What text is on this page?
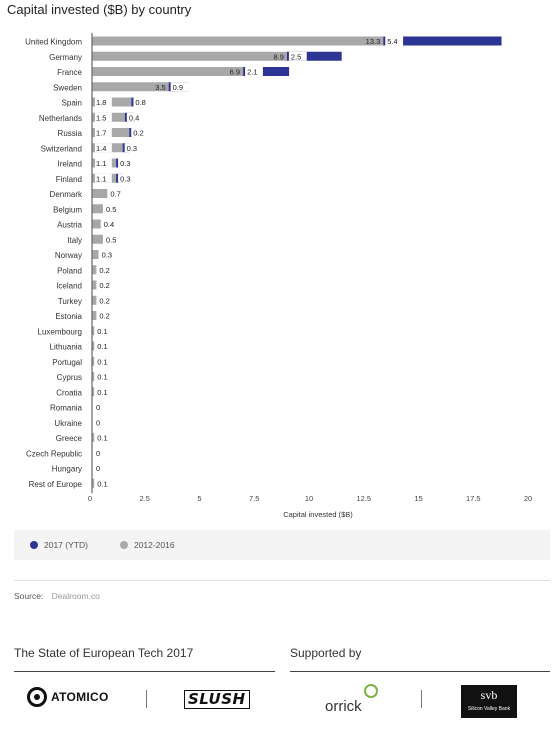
Capital invested ($B) by country
United Kingdom	13.3 5.4
Germany	8.9 2.5
France	6.9 2.1
Sweden	3.5 0.9
Spain 1.8	0.8
Netherlands 1.5	0.4
Russia 1.7	0.2
Switzerland 1.4	0.3
Ireland 1.1 0.3
Finland 1.1 0.3
Denmark	0.7
Belgium	0.5
Austria	0.4
Italy	0.5
Norway	0.3
Poland 0.2
Iceland 0.2
Turkey 0.2
Estonia 0.2
Luxembourg 0.1
Lithuania 0.1
Portugal 0.1
Cyprus 0.1
Croatia 0.1
Romania 0
Ukraine 0
Greece 0.1
Czech Republic 0
Hungary 0
Rest of Europe 0.1
0	2.5	5	7.5	10	12.5	15	17.5	20
Capital invested ($B)
2017 (YTD)	2012-2016
Source: Dealroom.co
The State of European Tech 2017	Supported by
ATOMICO	SLUSH	orrick
svb
Silicon Valley Bank
